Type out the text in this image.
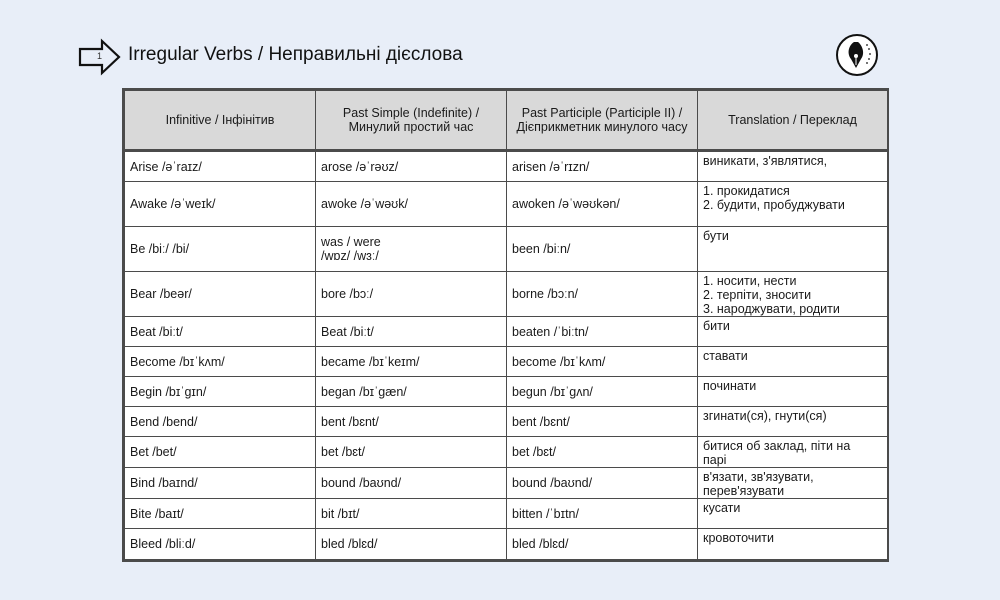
1 Irregular Verbs / Неправильні дієслова
Infinitive / Інфінітив	Past Simple (Indefinite) / Минулий простий час	Past Participle (Participle II) / Дієприкметник минулого часу	Translation / Переклад
Arise /əˈraɪz/	arose /əˈrəʊz/	arisen /əˈrɪzn/	виникати, з'являтися,

Awake /əˈweɪk/	awoke /əˈwəʊk/	awoken /əˈwəʊkən/	1. прокидатися
2. будити, пробуджувати

Be /biː/ /bi/	was / were
/wɒz/ /wɜː/	been /biːn/	бути

Bear /beər/	bore /bɔː/	borne /bɔːn/	1. носити, нести
2. терпіти, зносити
3. народжувати, родити

Beat /biːt/	Beat /biːt/	beaten /ˈbiːtn/	бити

Become /bɪˈkʌm/	became /bɪˈkeɪm/	become /bɪˈkʌm/	ставати

Begin /bɪˈgɪn/	began /bɪˈgæn/	begun /bɪˈgʌn/	починати

Bend /bend/	bent /bɛnt/	bent /bɛnt/	згинати(ся), гнути(ся)

Bet /bet/	bet /bɛt/	bet /bɛt/	битися об заклад, піти на
парі

Bind /baɪnd/	bound /baʊnd/	bound /baʊnd/	в'язати, зв'язувати,
перев'язувати

Bite /baɪt/	bit /bɪt/	bitten /ˈbɪtn/	кусати

Bleed /bliːd/	bled /blɛd/	bled /blɛd/	кровоточити
